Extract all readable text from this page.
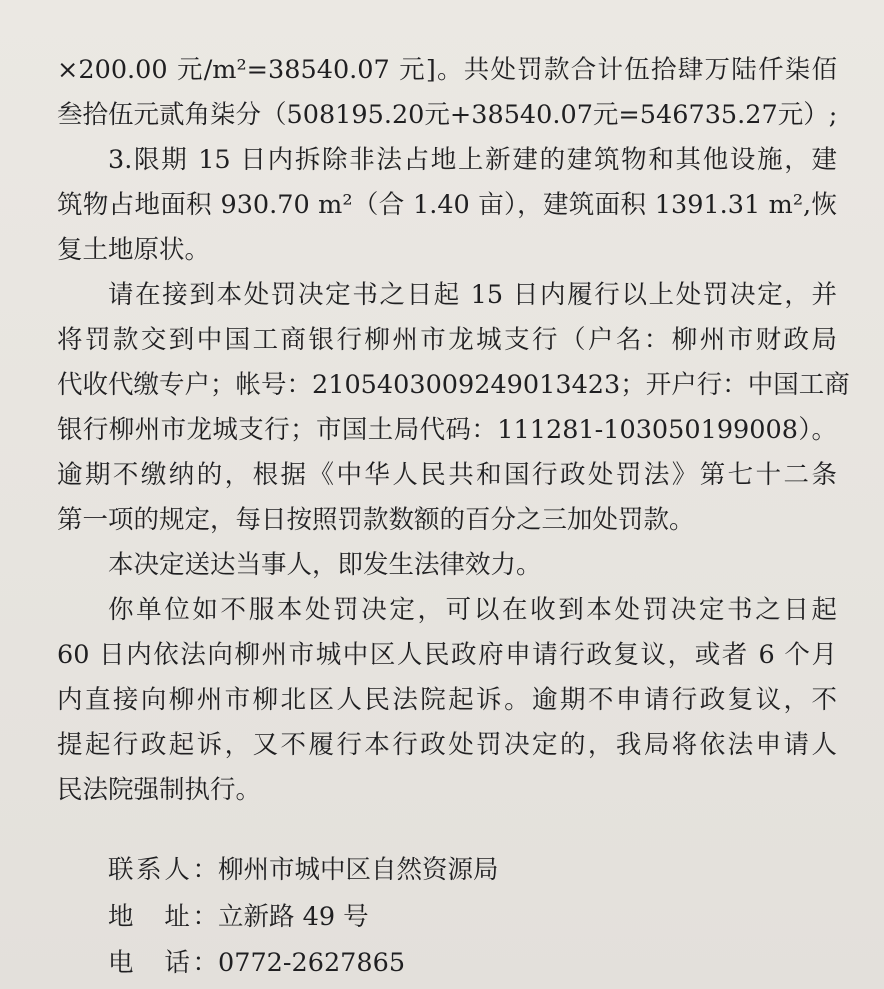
×200.00 元/m²=38540.07 元]。共处罚款合计伍拾肆万陆仟柒佰
叁拾伍元贰角柒分（508195.20元+38540.07元=546735.27元）;
3.限期 15 日内拆除非法占地上新建的建筑物和其他设施，建
筑物占地面积 930.70 m²（合 1.40 亩），建筑面积 1391.31 m²,恢
复土地原状。
请在接到本处罚决定书之日起 15 日内履行以上处罚决定，并
将罚款交到中国工商银行柳州市龙城支行（户名：柳州市财政局
代收代缴专户；帐号：2105403009249013423；开户行：中国工商
银行柳州市龙城支行；市国土局代码：111281-103050199008）。
逾期不缴纳的，根据《中华人民共和国行政处罚法》第七十二条
第一项的规定，每日按照罚款数额的百分之三加处罚款。
本决定送达当事人，即发生法律效力。
你单位如不服本处罚决定，可以在收到本处罚决定书之日起
60 日内依法向柳州市城中区人民政府申请行政复议，或者 6 个月
内直接向柳州市柳北区人民法院起诉。逾期不申请行政复议，不
提起行政起诉，又不履行本行政处罚决定的，我局将依法申请人
民法院强制执行。
联系人：柳州市城中区自然资源局
地　址：立新路 49 号
电　话：0772-2627865
